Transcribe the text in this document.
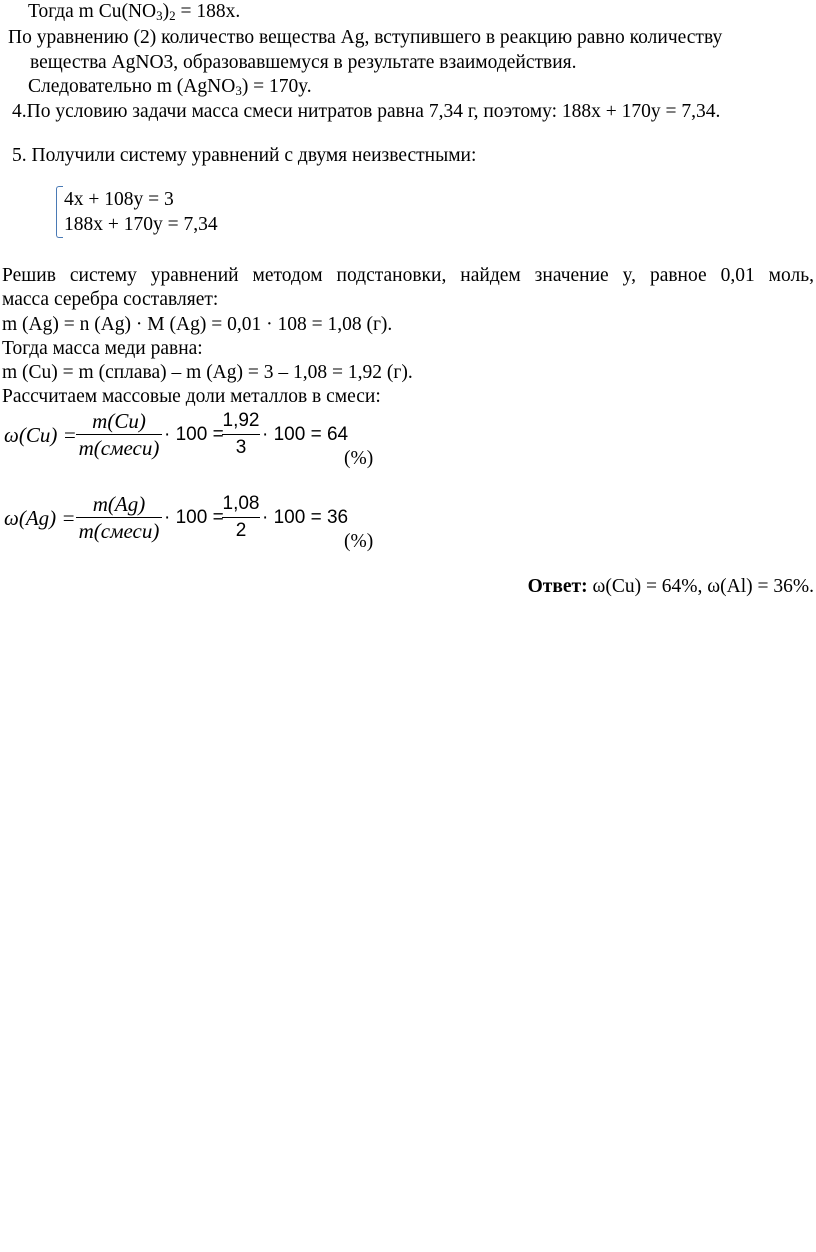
Тогда m Cu(NO3)2 = 188x.
По уравнению (2) количество вещества Ag, вступившего в реакцию равно количеству
вещества AgNO3, образовавшемуся в результате взаимодействия.
Следовательно m (AgNO3) = 170y.
4.По условию задачи масса смеси нитратов равна 7,34 г, поэтому: 188x + 170y = 7,34.
5. Получили систему уравнений с двумя неизвестными:
4x + 108y = 3
188x + 170y = 7,34
Решив систему уравнений методом подстановки, найдем значение y, равное 0,01 моль,
масса серебра составляет:
m (Ag) = n (Ag) · M (Ag) = 0,01 · 108 = 1,08 (г).
Тогда масса меди равна:
m (Cu) = m (сплава) – m (Ag) = 3 – 1,08 = 1,92 (г).
Рассчитаем массовые доли металлов в смеси:
ω(Cu) =
m(Cu)
m(смеси)
· 100 =
1,92
3
· 100 = 64
(%)
ω(Ag) =
m(Ag)
m(смеси)
· 100 =
1,08
2
· 100 = 36
(%)
Ответ: ω(Cu) = 64%, ω(Al) = 36%.
